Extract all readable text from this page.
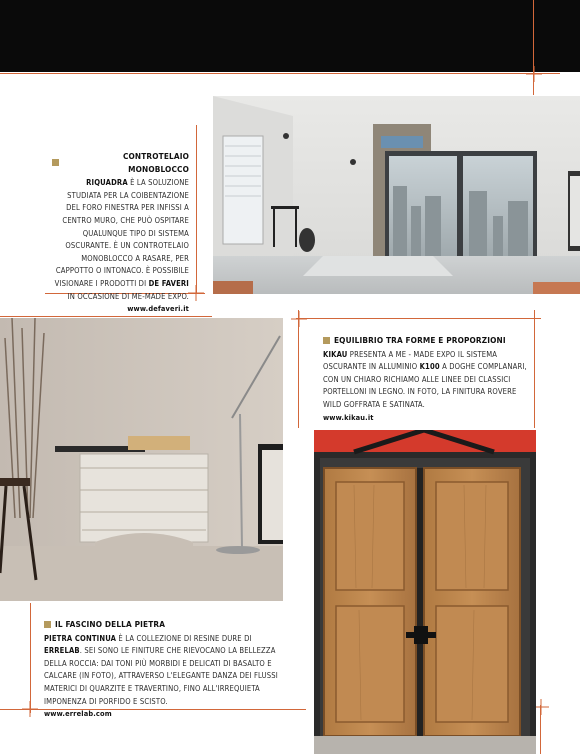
CONTROTELAIO MONOBLOCCO

RIQUADRA È LA SOLUZIONE STUDIATA PER LA COIBENTAZIONE DEL FORO FINESTRA PER INFISSI A CENTRO MURO, CHE PUÒ OSPITARE QUALUNQUE TIPO DI SISTEMA OSCURANTE. È UN CONTROTELAIO MONOBLOCCO A RASARE, PER CAPPOTTO O INTONACO. È POSSIBILE VISIONARE I PRODOTTI DI DE FAVERI IN OCCASIONE DI ME-MADE EXPO.

www.defaveri.it

EQUILIBRIO TRA FORME E PROPORZIONI

KIKAU PRESENTA A ME - MADE EXPO IL SISTEMA OSCURANTE IN ALLUMINIO K100 A DOGHE COMPLANARI, CON UN CHIARO RICHIAMO ALLE LINEE DEI CLASSICI PORTELLONI IN LEGNO. IN FOTO, LA FINITURA ROVERE WILD GOFFRATA E SATINATA.

www.kikau.it

IL FASCINO DELLA PIETRA

PIETRA CONTINUA È LA COLLEZIONE DI RESINE DURE DI ERRELAB. SEI SONO LE FINITURE CHE RIEVOCANO LA BELLEZZA DELLA ROCCIA: DAI TONI PIÙ MORBIDI E DELICATI DI BASALTO E CALCARE (IN FOTO), ATTRAVERSO L'ELEGANTE DANZA DEI FLUSSI MATERICI DI QUARZITE E TRAVERTINO, FINO ALL'IRREQUIETA IMPONENZA DI PORFIDO E SCISTO.

www.errelab.com
